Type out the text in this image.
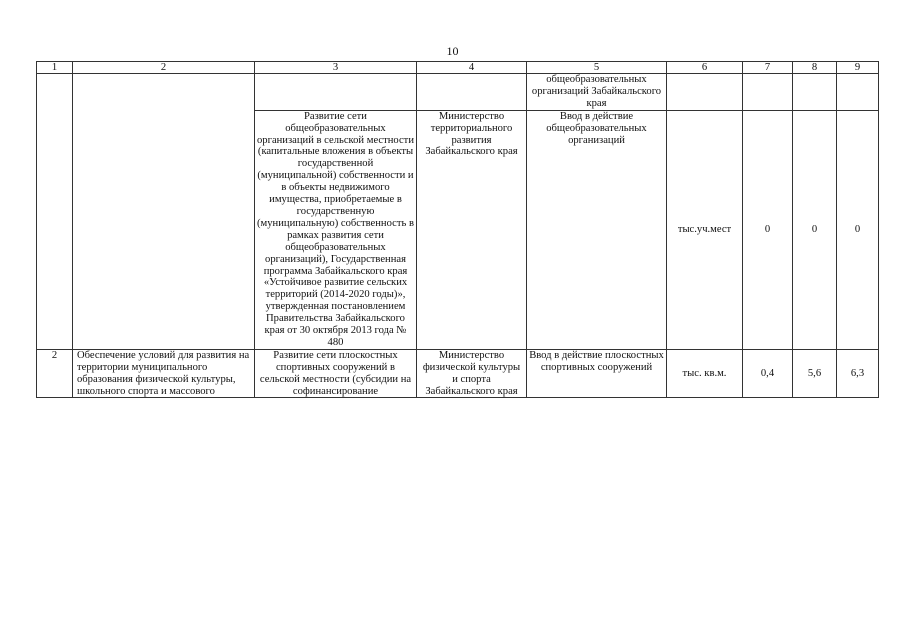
10
1	2	3	4	5	6	7	8	9
				общеобразовательных организаций Забайкальского края				
		Развитие сети общеобразовательных организаций в сельской местности (капитальные вложения в объекты государственной (муниципальной) собственности и в объекты недвижимого имущества, приобретаемые в государственную (муниципальную) собственность в рамках развития сети общеобразовательных организаций), Государственная программа Забайкальского края «Устойчивое развитие сельских территорий (2014-2020 годы)», утвержденная постановлением Правительства Забайкальского края от 30 октября 2013 года № 480	Министерство территориального развития Забайкальского края	Ввод в действие общеобразовательных организаций	тыс.уч.мест	0	0	0
2	Обеспечение условий для развития на территории муниципального образования физической культуры, школьного спорта и массового	Развитие сети плоскостных спортивных сооружений в сельской местности (субсидии на софинансирование	Министерство физической культуры и спорта Забайкальского края	Ввод в действие плоскостных спортивных сооружений	тыс. кв.м.	0,4	5,6	6,3
